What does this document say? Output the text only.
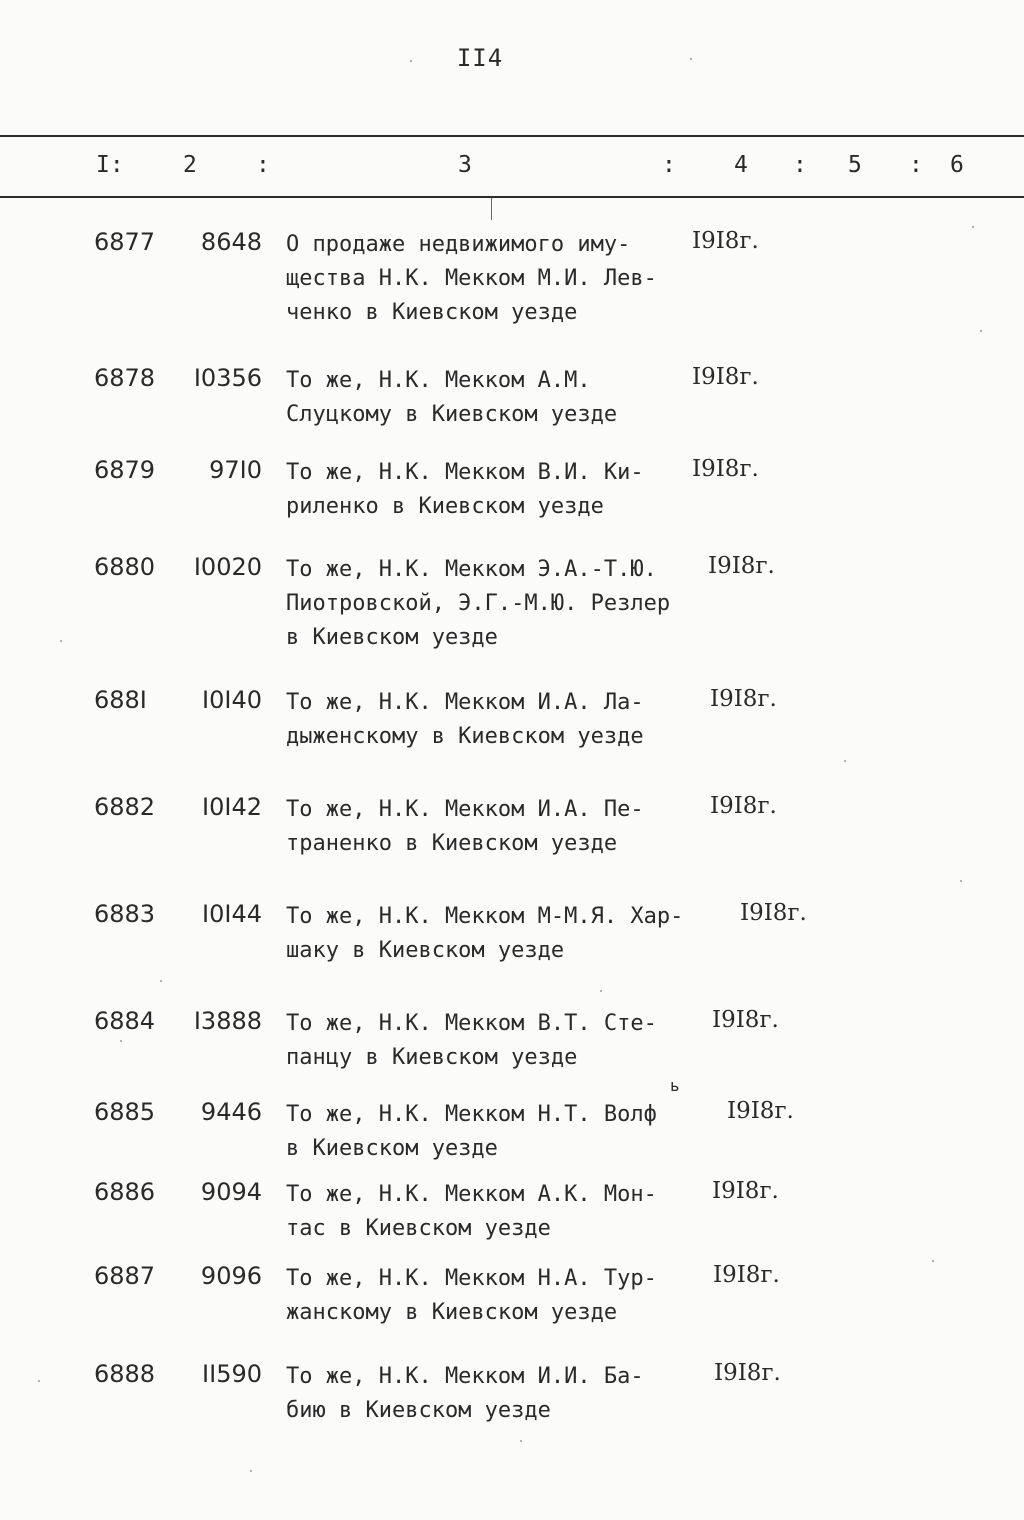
II4
I:	2	:	3	:	4 : 5 : 6
6877	8648 О продаже недвижимого иму-
щества Н.К. Мекком М.И. Лев-
ченко в Киевском уезде
I9I8г.
6878	I0356 То же, Н.К. Мекком А.М.
Слуцкому в Киевском уезде
I9I8г.
6879	97I0 То же, Н.К. Мекком В.И. Ки-
риленко в Киевском уезде
I9I8г.
6880	I0020 То же, Н.К. Мекком Э.А.-Т.Ю.
Пиотровской, Э.Г.-М.Ю. Резлер
в Киевском уезде
I9I8г.
688I	I0I40 То же, Н.К. Мекком И.А. Ла-
дыженскому в Киевском уезде
I9I8г.
6882	I0I42 То же, Н.К. Мекком И.А. Пе-
траненко в Киевском уезде
I9I8г.
6883	I0I44 То же, Н.К. Мекком М-М.Я. Хар-
шаку в Киевском уезде
I9I8г.
6884	I3888 То же, Н.К. Мекком В.Т. Сте-
панцу в Киевском уезде
I9I8г.
6885	9446 То же, Н.К. Мекком Н.Т. Волф
в Киевском уезде
I9I8г.
ь
6886	9094 То же, Н.К. Мекком А.К. Мон-
тас в Киевском уезде
I9I8г.
6887	9096 То же, Н.К. Мекком Н.А. Тур-
жанскому в Киевском уезде
I9I8г.
6888	II590 То же, Н.К. Мекком И.И. Ба-
бию в Киевском уезде
I9I8г.
